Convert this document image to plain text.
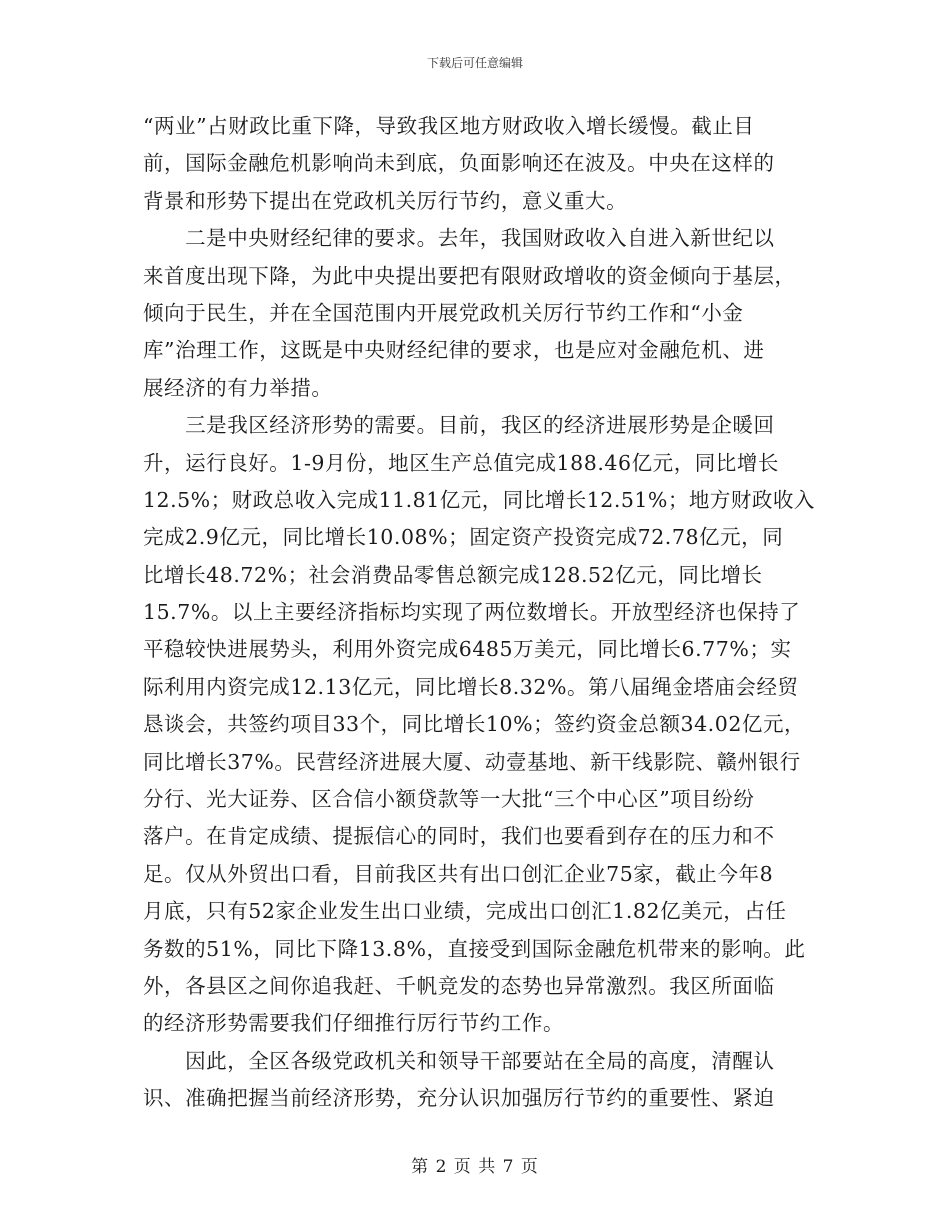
下载后可任意编辑
“两业”占财政比重下降，导致我区地方财政收入增长缓慢。截止目
前，国际金融危机影响尚未到底，负面影响还在波及。中央在这样的
背景和形势下提出在党政机关厉行节约，意义重大。
　　二是中央财经纪律的要求。去年，我国财政收入自进入新世纪以
来首度出现下降，为此中央提出要把有限财政增收的资金倾向于基层，
倾向于民生，并在全国范围内开展党政机关厉行节约工作和“小金
库”治理工作，这既是中央财经纪律的要求，也是应对金融危机、进
展经济的有力举措。
　　三是我区经济形势的需要。目前，我区的经济进展形势是企暖回
升，运行良好。1-9月份，地区生产总值完成188.46亿元，同比增长
12.5%；财政总收入完成11.81亿元，同比增长12.51%；地方财政收入
完成2.9亿元，同比增长10.08%；固定资产投资完成72.78亿元，同
比增长48.72%；社会消费品零售总额完成128.52亿元，同比增长
15.7%。以上主要经济指标均实现了两位数增长。开放型经济也保持了
平稳较快进展势头，利用外资完成6485万美元，同比增长6.77%；实
际利用内资完成12.13亿元，同比增长8.32%。第八届绳金塔庙会经贸
恳谈会，共签约项目33个，同比增长10%；签约资金总额34.02亿元，
同比增长37%。民营经济进展大厦、动壹基地、新干线影院、赣州银行
分行、光大证券、区合信小额贷款等一大批“三个中心区”项目纷纷
落户。在肯定成绩、提振信心的同时，我们也要看到存在的压力和不
足。仅从外贸出口看，目前我区共有出口创汇企业75家，截止今年8
月底，只有52家企业发生出口业绩，完成出口创汇1.82亿美元，占任
务数的51%，同比下降13.8%，直接受到国际金融危机带来的影响。此
外，各县区之间你追我赶、千帆竞发的态势也异常激烈。我区所面临
的经济形势需要我们仔细推行厉行节约工作。
　　因此，全区各级党政机关和领导干部要站在全局的高度，清醒认
识、准确把握当前经济形势，充分认识加强厉行节约的重要性、紧迫
第 2 页 共 7 页
